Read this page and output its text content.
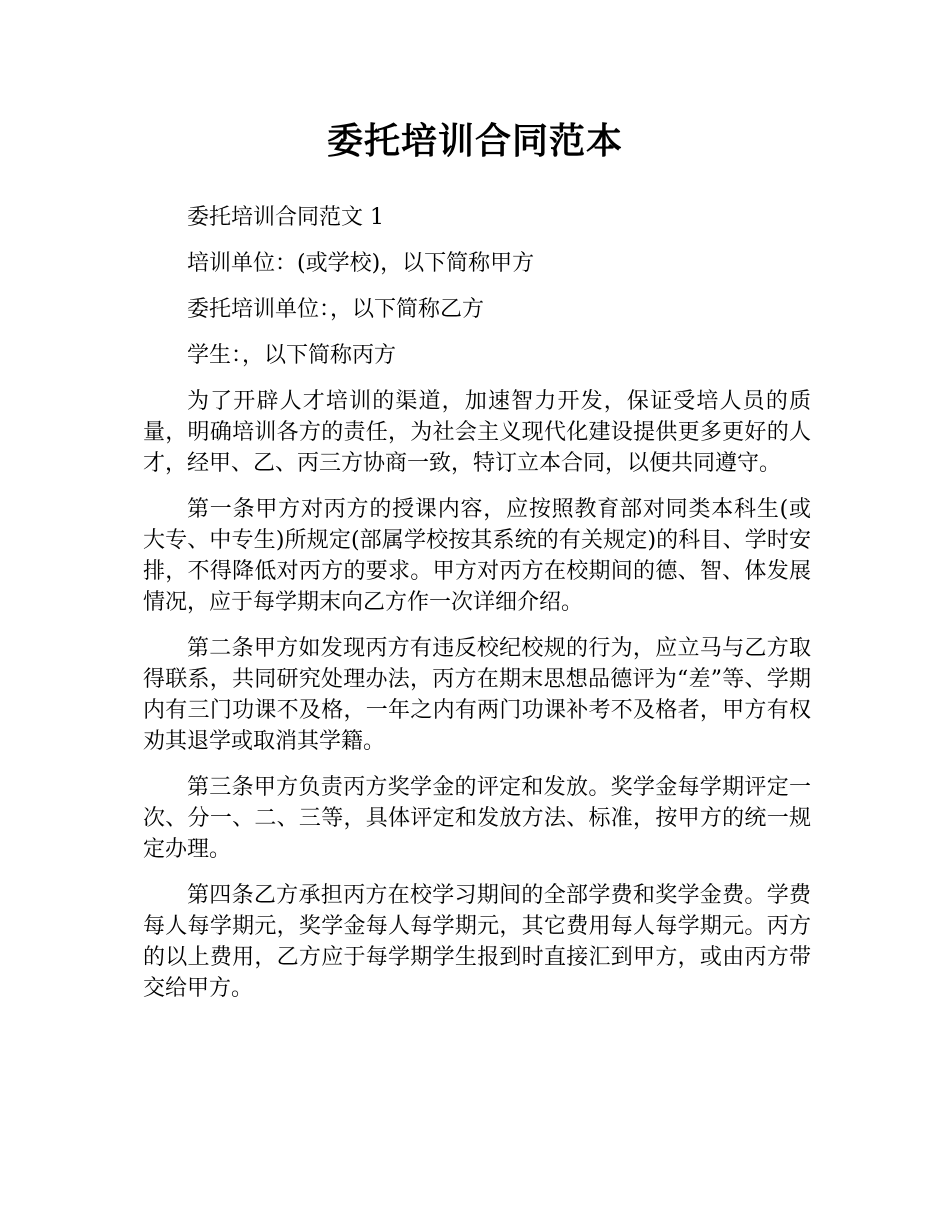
委托培训合同范本

委托培训合同范文 1

培训单位：(或学校)，以下简称甲方

委托培训单位：，以下简称乙方

学生：，以下简称丙方

为了开辟人才培训的渠道，加速智力开发，保证受培人员的质量，明确培训各方的责任，为社会主义现代化建设提供更多更好的人才，经甲、乙、丙三方协商一致，特订立本合同，以便共同遵守。

第一条甲方对丙方的授课内容，应按照教育部对同类本科生(或大专、中专生)所规定(部属学校按其系统的有关规定)的科目、学时安排，不得降低对丙方的要求。甲方对丙方在校期间的德、智、体发展情况，应于每学期末向乙方作一次详细介绍。

第二条甲方如发现丙方有违反校纪校规的行为，应立马与乙方取得联系，共同研究处理办法，丙方在期末思想品德评为“差”等、学期内有三门功课不及格，一年之内有两门功课补考不及格者，甲方有权劝其退学或取消其学籍。

第三条甲方负责丙方奖学金的评定和发放。奖学金每学期评定一次、分一、二、三等，具体评定和发放方法、标准，按甲方的统一规定办理。

第四条乙方承担丙方在校学习期间的全部学费和奖学金费。学费每人每学期元，奖学金每人每学期元，其它费用每人每学期元。丙方的以上费用，乙方应于每学期学生报到时直接汇到甲方，或由丙方带交给甲方。
